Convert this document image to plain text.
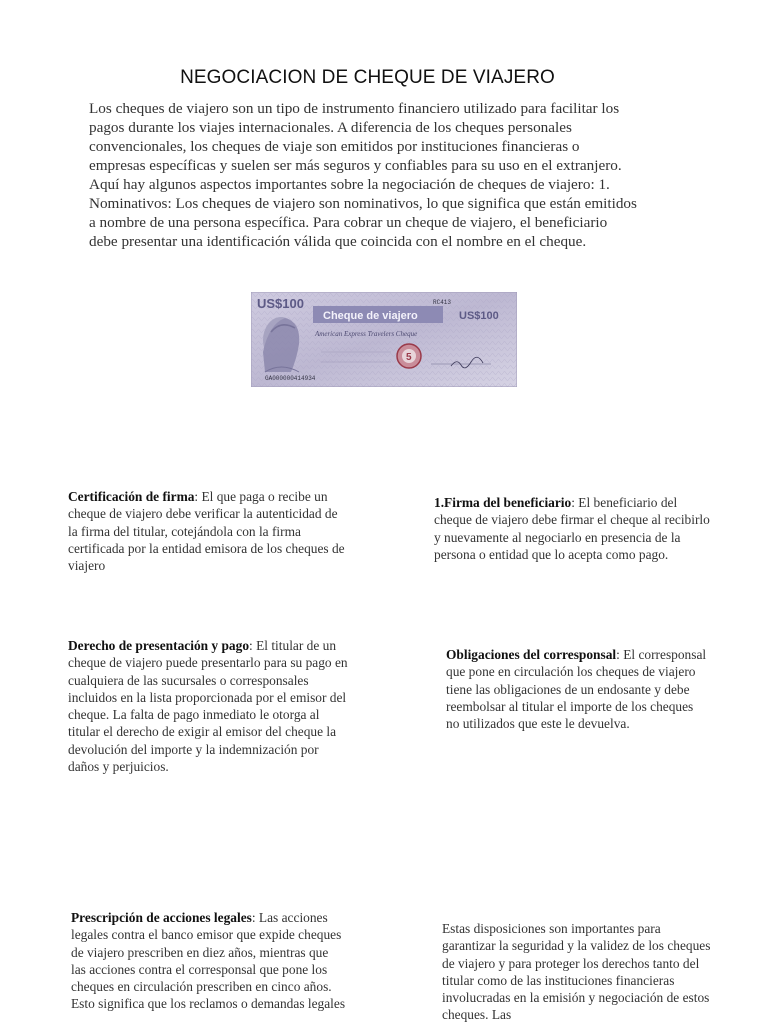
NEGOCIACION DE CHEQUE DE VIAJERO

Los cheques de viajero son un tipo de instrumento financiero utilizado para facilitar los pagos durante los viajes internacionales. A diferencia de los cheques personales convencionales, los cheques de viaje son emitidos por instituciones financieras o empresas específicas y suelen ser más seguros y confiables para su uso en el extranjero. Aquí hay algunos aspectos importantes sobre la negociación de cheques de viajero: 1. Nominativos: Los cheques de viajero son nominativos, lo que significa que están emitidos a nombre de una persona específica. Para cobrar un cheque de viajero, el beneficiario debe presentar una identificación válida que coincida con el nombre en el cheque.

Cheque de viajero
US$100	RC413
US$100
American Express Travelers Cheque
5
GA000000414934

Certificación de firma: El que paga o recibe un cheque de viajero debe verificar la autenticidad de la firma del titular, cotejándola con la firma certificada por la entidad emisora de los cheques de viajero

1.Firma del beneficiario: El beneficiario del cheque de viajero debe firmar el cheque al recibirlo y nuevamente al negociarlo en presencia de la persona o entidad que lo acepta como pago.

Derecho de presentación y pago: El titular de un cheque de viajero puede presentarlo para su pago en cualquiera de las sucursales o corresponsales incluidos en la lista proporcionada por el emisor del cheque. La falta de pago inmediato le otorga al titular el derecho de exigir al emisor del cheque la devolución del importe y la indemnización por daños y perjuicios.

Obligaciones del corresponsal: El corresponsal que pone en circulación los cheques de viajero tiene las obligaciones de un endosante y debe reembolsar al titular el importe de los cheques no utilizados que este le devuelva.

Prescripción de acciones legales: Las acciones legales contra el banco emisor que expide cheques de viajero prescriben en diez años, mientras que las acciones contra el corresponsal que pone los cheques en circulación prescriben en cinco años. Esto significa que los reclamos o demandas legales

Estas disposiciones son importantes para garantizar la seguridad y la validez de los cheques de viajero y para proteger los derechos tanto del titular como de las instituciones financieras involucradas en la emisión y negociación de estos cheques. Las
